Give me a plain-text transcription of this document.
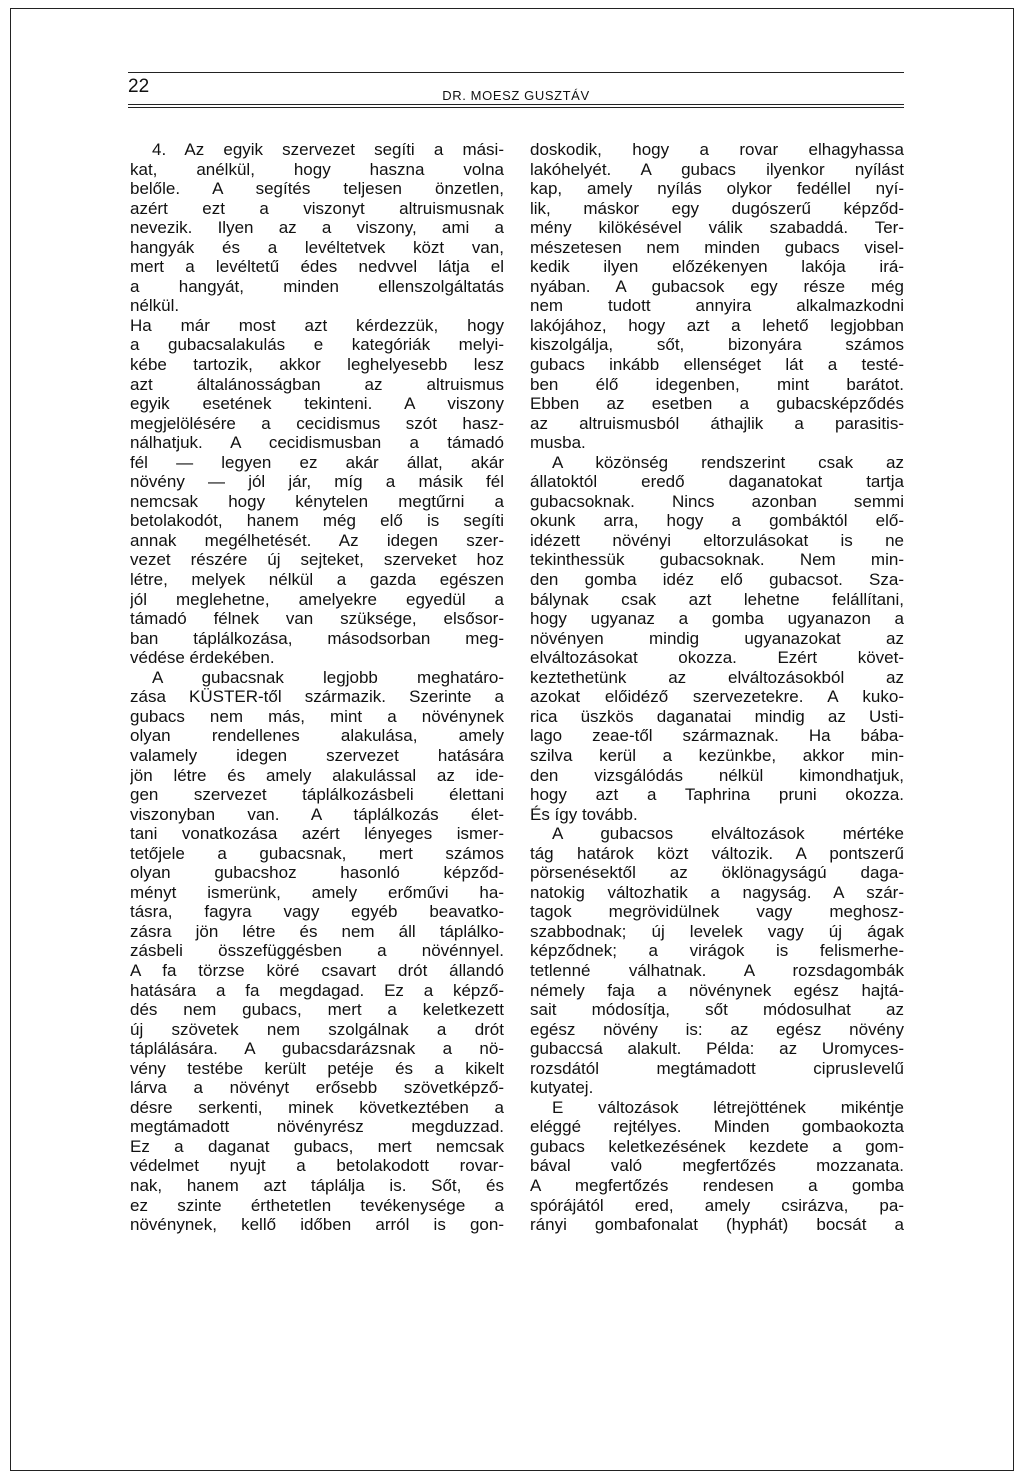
22	DR. MOESZ GUSZTÁV
4. Az egyik szervezet segíti a mási-
kat, anélkül, hogy haszna volna
belőle. A segítés teljesen önzetlen,
azért ezt a viszonyt altruismusnak
nevezik. Ilyen az a viszony, ami a
hangyák és a levéltetvek közt van,
mert a levéltetű édes nedvvel látja el
a hangyát, minden ellenszolgáltatás
nélkül.
Ha már most azt kérdezzük, hogy
a gubacsalakulás e kategóriák melyi-
kébe tartozik, akkor leghelyesebb lesz
azt általánosságban az altruismus
egyik esetének tekinteni. A viszony
megjelölésére a cecidismus szót hasz-
nálhatjuk. A cecidismusban a támadó
fél — legyen ez akár állat, akár
növény — jól jár, míg a másik fél
nemcsak hogy kénytelen megtűrni a
betolakodót, hanem még elő is segíti
annak megélhetését. Az idegen szer-
vezet részére új sejteket, szerveket hoz
létre, melyek nélkül a gazda egészen
jól meglehetne, amelyekre egyedül a
támadó félnek van szüksége, elsősor-
ban táplálkozása, másodsorban meg-
védése érdekében.
A gubacsnak legjobb meghatáro-
zása KÜSTER-től származik. Szerinte a
gubacs nem más, mint a növénynek
olyan rendellenes alakulása, amely
valamely idegen szervezet hatására
jön létre és amely alakulással az ide-
gen szervezet táplálkozásbeli élettani
viszonyban van. A táplálkozás élet-
tani vonatkozása azért lényeges ismer-
tetőjele a gubacsnak, mert számos
olyan gubacshoz hasonló képződ-
ményt ismerünk, amely erőművi ha-
tásra, fagyra vagy egyéb beavatko-
zásra jön létre és nem áll táplálko-
zásbeli összefüggésben a növénnyel.
A fa törzse köré csavart drót állandó
hatására a fa megdagad. Ez a képző-
dés nem gubacs, mert a keletkezett
új szövetek nem szolgálnak a drót
táplálására. A gubacsdarázsnak a nö-
vény testébe került petéje és a kikelt
lárva a növényt erősebb szövetképző-
désre serkenti, minek következtében a
megtámadott növényrész megduzzad.
Ez a daganat gubacs, mert nemcsak
védelmet nyujt a betolakodott rovar-
nak, hanem azt táplálja is. Sőt, és
ez szinte érthetetlen tevékenysége a
növénynek, kellő időben arról is gon-
doskodik, hogy a rovar elhagyhassa
lakóhelyét. A gubacs ilyenkor nyílást
kap, amely nyílás olykor fedéllel nyí-
lik, máskor egy dugószerű képződ-
mény kilökésével válik szabaddá. Ter-
mészetesen nem minden gubacs visel-
kedik ilyen előzékenyen lakója irá-
nyában. A gubacsok egy része még
nem tudott annyira alkalmazkodni
lakójához, hogy azt a lehető legjobban
kiszolgálja, sőt, bizonyára számos
gubacs inkább ellenséget lát a testé-
ben élő idegenben, mint barátot.
Ebben az esetben a gubacsképződés
az altruismusból áthajlik a parasitis-
musba.
A közönség rendszerint csak az
állatoktól eredő daganatokat tartja
gubacsoknak. Nincs azonban semmi
okunk arra, hogy a gombáktól elő-
idézett növényi eltorzulásokat is ne
tekinthessük gubacsoknak. Nem min-
den gomba idéz elő gubacsot. Sza-
bálynak csak azt lehetne felállítani,
hogy ugyanaz a gomba ugyanazon a
növényen mindig ugyanazokat az
elváltozásokat okozza. Ezért követ-
keztethetünk az elváltozásokból az
azokat előidéző szervezetekre. A kuko-
rica üszkös daganatai mindig az Usti-
lago zeae-től származnak. Ha bába-
szilva kerül a kezünkbe, akkor min-
den vizsgálódás nélkül kimondhatjuk,
hogy azt a Taphrina pruni okozza.
És így tovább.
A gubacsos elváltozások mértéke
tág határok közt változik. A pontszerű
pörsenésektől az öklönagyságú daga-
natokig változhatik a nagyság. A szár-
tagok megrövidülnek vagy meghosz-
szabbodnak; új levelek vagy új ágak
képződnek; a virágok is felismerhe-
tetlenné válhatnak. A rozsdagombák
némely faja a növénynek egész hajtá-
sait módosítja, sőt módosulhat az
egész növény is: az egész növény
gubaccsá alakult. Példa: az Uromyces-
rozsdától megtámadott ciprusIevelű
kutyatej.
E változások létrejöttének mikéntje
eléggé rejtélyes. Minden gombaokozta
gubacs keletkezésének kezdete a gom-
bával való megfertőzés mozzanata.
A megfertőzés rendesen a gomba
spórájától ered, amely csirázva, pa-
rányi gombafonalat (hyphát) bocsát a
